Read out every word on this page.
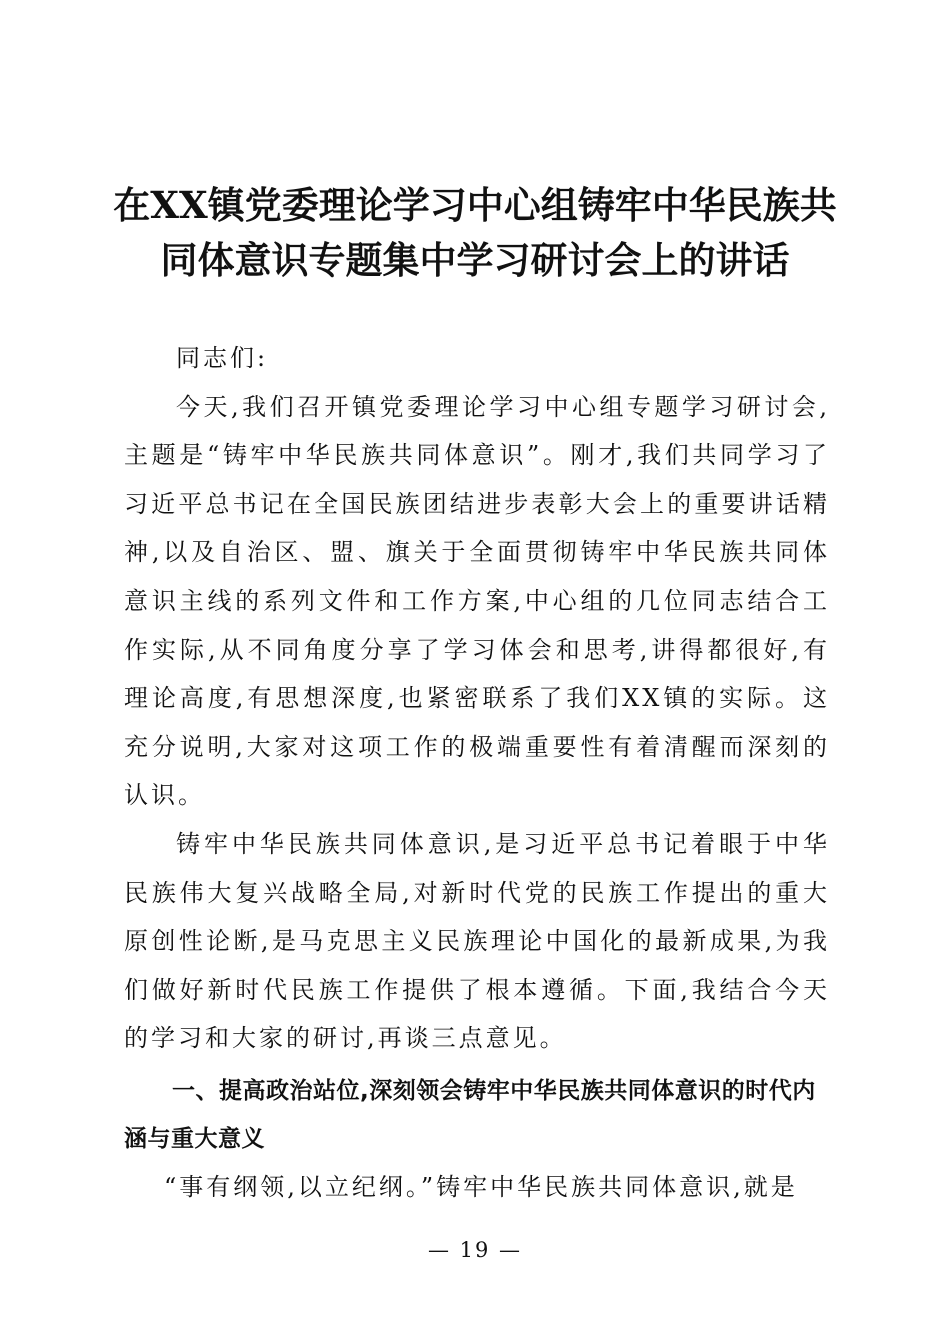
在XX镇党委理论学习中心组铸牢中华民族共
同体意识专题集中学习研讨会上的讲话

同志们:

今天,我们召开镇党委理论学习中心组专题学习研讨会,主题是“铸牢中华民族共同体意识”。刚才,我们共同学习了习近平总书记在全国民族团结进步表彰大会上的重要讲话精神,以及自治区、盟、旗关于全面贯彻铸牢中华民族共同体意识主线的系列文件和工作方案,中心组的几位同志结合工作实际,从不同角度分享了学习体会和思考,讲得都很好,有理论高度,有思想深度,也紧密联系了我们XX镇的实际。这充分说明,大家对这项工作的极端重要性有着清醒而深刻的认识。

铸牢中华民族共同体意识,是习近平总书记着眼于中华民族伟大复兴战略全局,对新时代党的民族工作提出的重大原创性论断,是马克思主义民族理论中国化的最新成果,为我们做好新时代民族工作提供了根本遵循。下面,我结合今天的学习和大家的研讨,再谈三点意见。

一、提高政治站位,深刻领会铸牢中华民族共同体意识的时代内涵与重大意义

“事有纲领,以立纪纲。”铸牢中华民族共同体意识,就是

— 19 —
